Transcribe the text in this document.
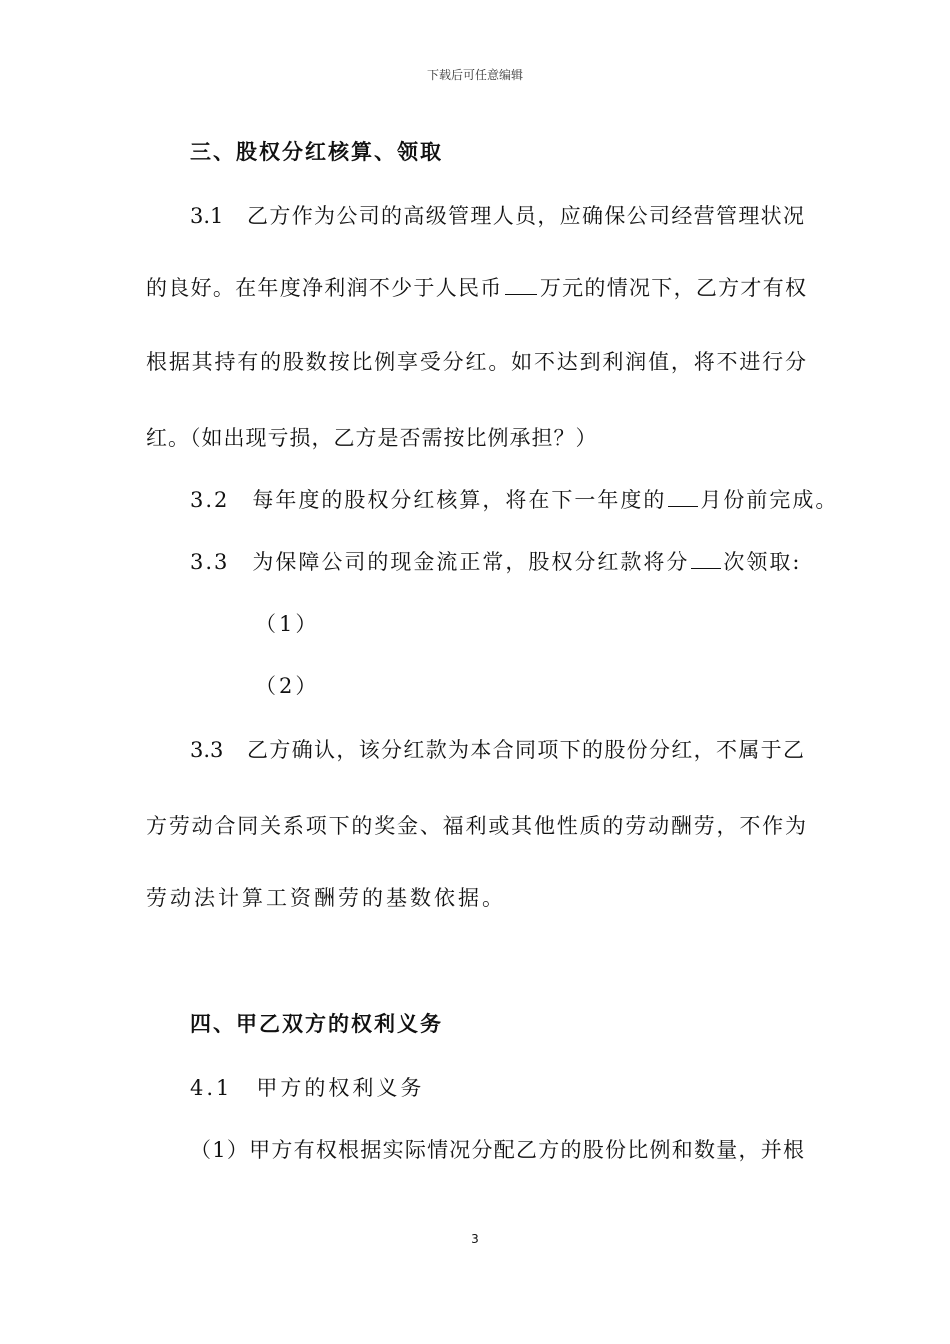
下载后可任意编辑
三、股权分红核算、领取
3.1　乙方作为公司的高级管理人员，应确保公司经营管理状况
的良好。在年度净利润不少于人民币 万元的情况下，乙方才有权
根据其持有的股数按比例享受分红。如不达到利润值，将不进行分
红。（如出现亏损，乙方是否需按比例承担？）
3.2　每年度的股权分红核算，将在下一年度的 月份前完成。
3.3　为保障公司的现金流正常，股权分红款将分 次领取:
（1）
（2）
3.3　乙方确认，该分红款为本合同项下的股份分红，不属于乙
方劳动合同关系项下的奖金、福利或其他性质的劳动酬劳，不作为
劳动法计算工资酬劳的基数依据。
四、甲乙双方的权利义务
4.1　甲方的权利义务
（1）甲方有权根据实际情况分配乙方的股份比例和数量，并根
3
